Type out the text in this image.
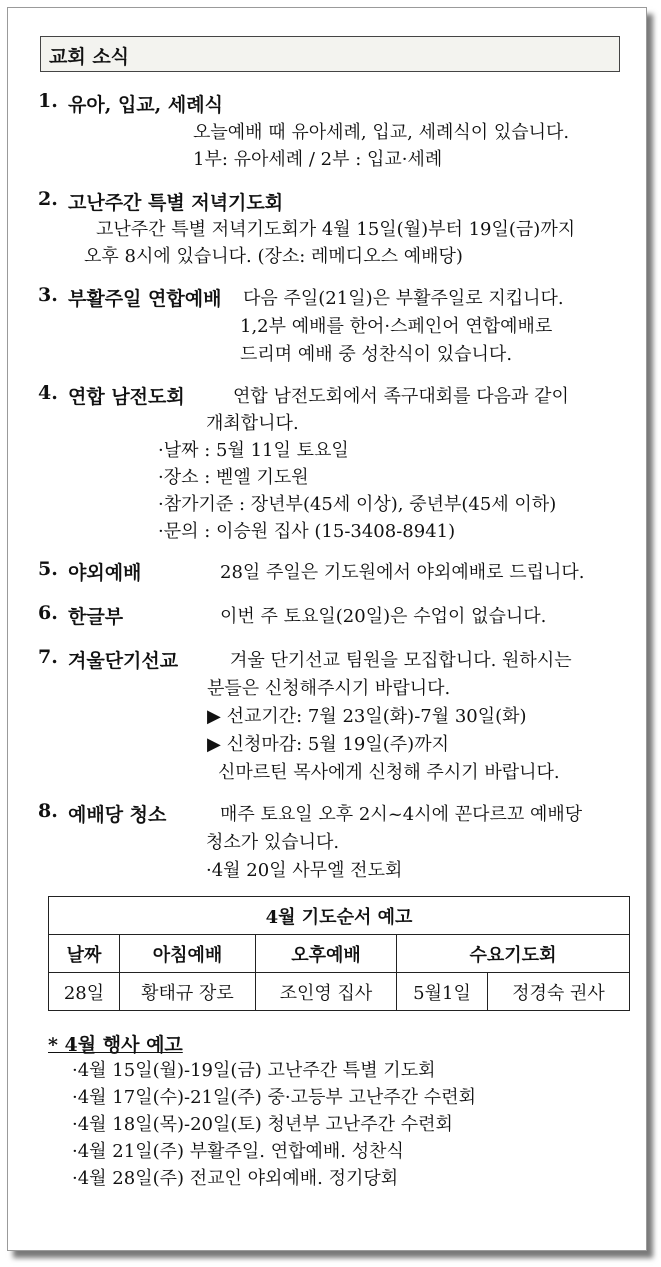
교회 소식
1. 유아, 입교, 세례식
오늘예배 때 유아세례, 입교, 세례식이 있습니다.
1부: 유아세례 / 2부 : 입교·세례
2. 고난주간 특별 저녁기도회
고난주간 특별 저녁기도회가 4월 15일(월)부터 19일(금)까지
오후 8시에 있습니다. (장소: 레메디오스 예배당)
3. 부활주일 연합예배 다음 주일(21일)은 부활주일로 지킵니다.
1,2부 예배를 한어·스페인어 연합예배로
드리며 예배 중 성찬식이 있습니다.
4. 연합 남전도회	연합 남전도회에서 족구대회를 다음과 같이
개최합니다.
·날짜 : 5월 11일 토요일
·장소 : 벧엘 기도원
·참가기준 : 장년부(45세 이상), 중년부(45세 이하)
·문의 : 이승원 집사 (15-3408-8941)
5. 야외예배	28일 주일은 기도원에서 야외예배로 드립니다.
6. 한글부	이번 주 토요일(20일)은 수업이 없습니다.
7. 겨울단기선교	겨울 단기선교 팀원을 모집합니다. 원하시는
분들은 신청해주시기 바랍니다.
▶ 선교기간: 7월 23일(화)-7월 30일(화)
▶ 신청마감: 5월 19일(주)까지
신마르틴 목사에게 신청해 주시기 바랍니다.
8. 예배당 청소	매주 토요일 오후 2시~4시에 꼰다르꼬 예배당
청소가 있습니다.
·4월 20일 사무엘 전도회
4월 기도순서 예고				
날짜	아침예배	오후예배	수요기도회	
28일	황태규 장로	조인영 집사	5월1일	정경숙 권사
* 4월 행사 예고
·4월 15일(월)-19일(금) 고난주간 특별 기도회
·4월 17일(수)-21일(주) 중·고등부 고난주간 수련회
·4월 18일(목)-20일(토) 청년부 고난주간 수련회
·4월 21일(주) 부활주일. 연합예배. 성찬식
·4월 28일(주) 전교인 야외예배. 정기당회
